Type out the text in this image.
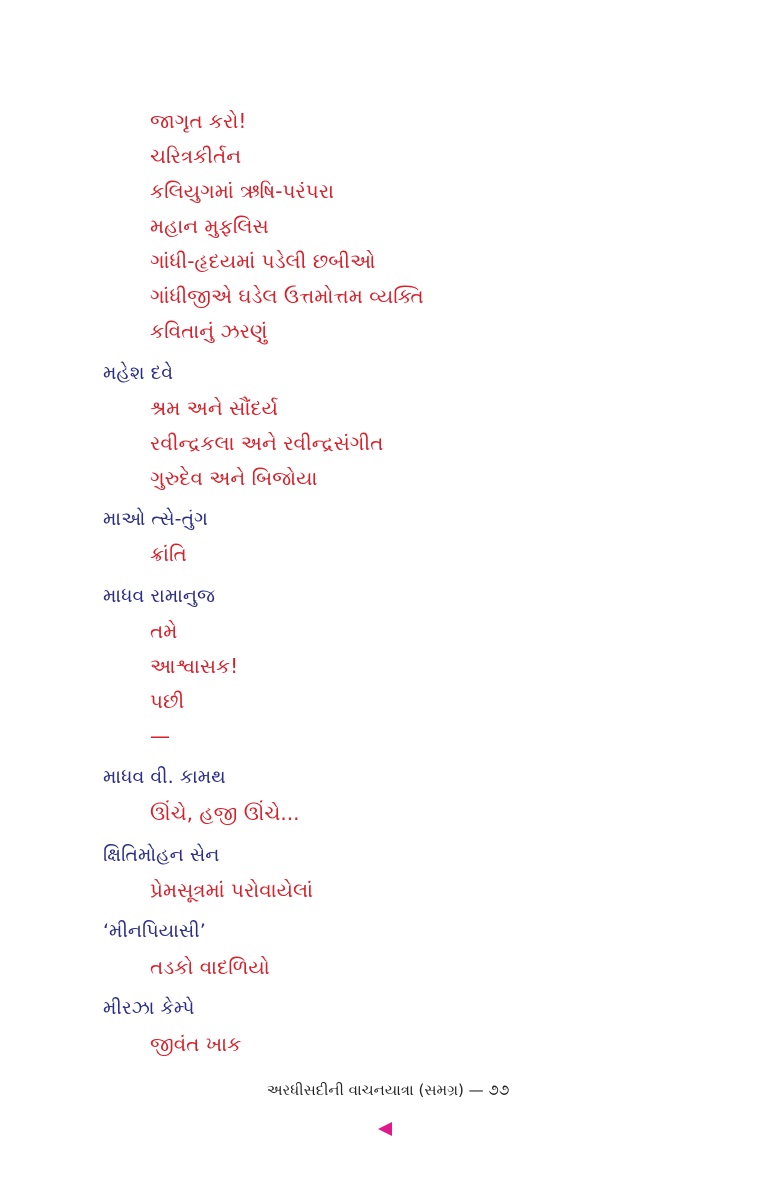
જાગૃત કરો!
ચરિત્રકીર્તન
કલિયુગમાં ઋષિ-પરંપરા
મહાન મુફલિસ
ગાંધી-હૃદયમાં પડેલી છબીઓ
ગાંધીજીએ ઘડેલ ઉત્તમોત્તમ વ્યક્તિ
કવિતાનું ઝરણું
મહેશ દવે
શ્રમ અને સૌંદર્ય
રવીન્દ્રકલા અને રવીન્દ્રસંગીત
ગુરુદેવ અને બિજોયા
માઓ ત્સે-તુંગ
ક્રાંતિ
માધવ રામાનુજ
તમે
આશ્વાસક!
પછી
—
માધવ વી. કામથ
ઊંચે, હજી ઊંચે...
ક્ષિતિમોહન સેન
પ્રેમસૂત્રમાં પરોવાયેલાં
‘મીનપિયાસી’
તડકો વાદળિયો
મીરઝા કેમ્પે
જીવંત ખાક
અરધીસદીની વાચનયાત્રા (સમગ્ર) — ૭૭
